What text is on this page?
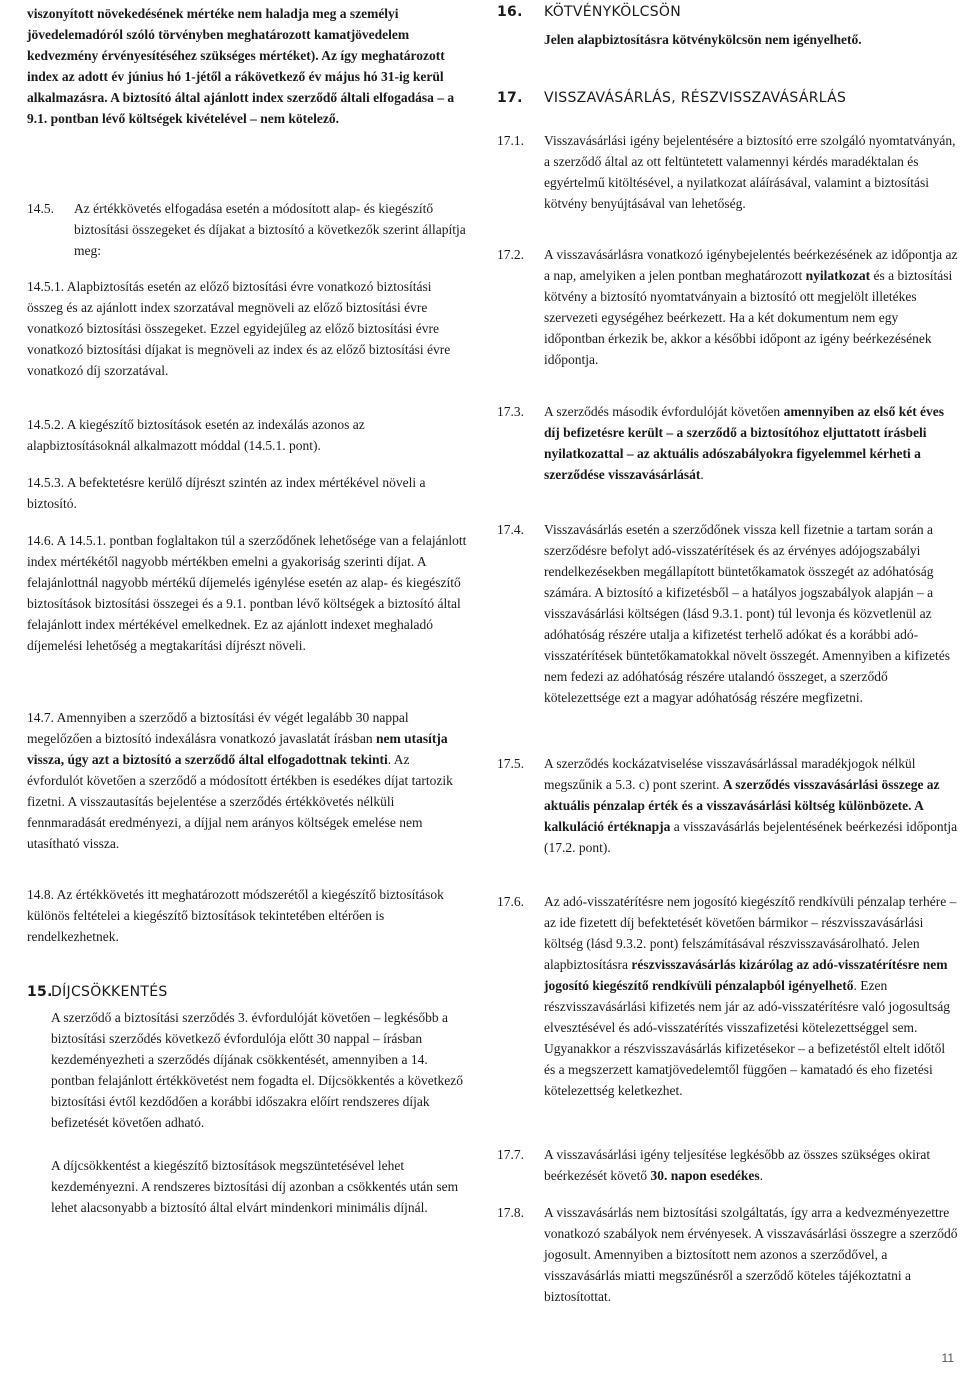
viszonyított növekedésének mértéke nem haladja meg a személyi jövedelemadóról szóló törvényben meghatározott kamatjövedelem kedvezmény érvényesítéséhez szükséges mértéket). Az így meghatározott index az adott év június hó 1-jétől a rákövetkező év május hó 31-ig kerül alkalmazásra. A biztosító által ajánlott index szerződő általi elfogadása – a 9.1. pontban lévő költségek kivételével – nem kötelező.

14.5. Az értékkövetés elfogadása esetén a módosított alap- és kiegészítő biztosítási összegeket és díjakat a biztosító a következők szerint állapítja meg:
14.5.1. Alapbiztosítás esetén az előző biztosítási évre vonatkozó biztosítási összeg és az ajánlott index szorzatával megnöveli az előző biztosítási évre vonatkozó biztosítási összegeket. Ezzel egyidejűleg az előző biztosítási évre vonatkozó biztosítási díjakat is megnöveli az index és az előző biztosítási évre vonatkozó díj szorzatával.
14.5.2. A kiegészítő biztosítások esetén az indexálás azonos az alapbiztosításoknál alkalmazott móddal (14.5.1. pont).
14.5.3. A befektetésre kerülő díjrészt szintén az index mértékével növeli a biztosító.
14.6. A 14.5.1. pontban foglaltakon túl a szerződőnek lehetősége van a felajánlott index mértékétől nagyobb mértékben emelni a gyakoriság szerinti díjat. A felajánlottnál nagyobb mértékű díjemelés igénylése esetén az alap- és kiegészítő biztosítások biztosítási összegei és a 9.1. pontban lévő költségek a biztosító által felajánlott index mértékével emelkednek. Ez az ajánlott indexet meghaladó díjemelési lehetőség a megtakarítási díjrészt növeli.
14.7. Amennyiben a szerződő a biztosítási év végét legalább 30 nappal megelőzően a biztosító indexálásra vonatkozó javaslatát írásban nem utasítja vissza, úgy azt a biztosító a szerződő által elfogadottnak tekinti. Az évfordulót követően a szerződő a módosított értékben is esedékes díjat tartozik fizetni. A visszautasítás bejelentése a szerződés értékkövetés nélküli fennmaradását eredményezi, a díjjal nem arányos költségek emelése nem utasítható vissza.
14.8. Az értékkövetés itt meghatározott módszerétől a kiegészítő biztosítások különös feltételei a kiegészítő biztosítások tekintetében eltérően is rendelkezhetnek.
15.
DÍJCSÖKKENTÉS

A szerződő a biztosítási szerződés 3. évfordulóját követően – legkésőbb a biztosítási szerződés következő évfordulója előtt 30 nappal – írásban kezdeményezheti a szerződés díjának csökkentését, amennyiben a 14. pontban felajánlott értékkövetést nem fogadta el. Díjcsökkentés a következő biztosítási évtől kezdődően a korábbi időszakra előírt rendszeres díjak befizetését követően adható.

A díjcsökkentést a kiegészítő biztosítások megszüntetésével lehet kezdeményezni. A rendszeres biztosítási díj azonban a csökkentés után sem lehet alacsonyabb a biztosító által elvárt mindenkori minimális díjnál.

16. KÖTVÉNYKÖLCSÖN

Jelen alapbiztosításra kötvénykölcsön nem igényelhető.

17. VISSZAVÁSÁRLÁS, RÉSZVISSZAVÁSÁRLÁS
17.1. Visszavásárlási igény bejelentésére a biztosító erre szolgáló nyomtatványán, a szerződő által az ott feltüntetett valamennyi kérdés maradéktalan és egyértelmű kitöltésével, a nyilatkozat aláírásával, valamint a biztosítási kötvény benyújtásával van lehetőség.
17.2. A visszavásárlásra vonatkozó igénybejelentés beérkezésének az időpontja az a nap, amelyiken a jelen pontban meghatározott nyilatkozat és a biztosítási kötvény a biztosító nyomtatványain a biztosító ott megjelölt illetékes szervezeti egységéhez beérkezett. Ha a két dokumentum nem egy időpontban érkezik be, akkor a későbbi időpont az igény beérkezésének időpontja.
17.3. A szerződés második évfordulóját követően amennyiben az első két éves díj befizetésre került – a szerződő a biztosítóhoz eljuttatott írásbeli nyilatkozattal – az aktuális adószabályokra figyelemmel kérheti a szerződése visszavásárlását.
17.4. Visszavásárlás esetén a szerződőnek vissza kell fizetnie a tartam során a szerződésre befolyt adó-visszatérítések és az érvényes adójogszabályi rendelkezésekben megállapított büntetőkamatok összegét az adóhatóság számára. A biztosító a kifizetésből – a hatályos jogszabályok alapján – a visszavásárlási költségen (lásd 9.3.1. pont) túl levonja és közvetlenül az adóhatóság részére utalja a kifizetést terhelő adókat és a korábbi adó-visszatérítések büntetőkamatokkal növelt összegét. Amennyiben a kifizetés nem fedezi az adóhatóság részére utalandó összeget, a szerződő kötelezettsége ezt a magyar adóhatóság részére megfizetni.
17.5. A szerződés kockázatviselése visszavásárlással maradékjogok nélkül megszűnik a 5.3. c) pont szerint. A szerződés visszavásárlási összege az aktuális pénzalap érték és a visszavásárlási költség különbözete. A kalkuláció értéknapja a visszavásárlás bejelentésének beérkezési időpontja (17.2. pont).
17.6. Az adó-visszatérítésre nem jogosító kiegészítő rendkívüli pénzalap terhére – az ide fizetett díj befektetését követően bármikor – részvisszavásárlási költség (lásd 9.3.2. pont) felszámításával részvisszavásárolható. Jelen alapbiztosításra részvisszavásárlás kizárólag az adó-visszatérítésre nem jogosító kiegészítő rendkívüli pénzalapból igényelhető. Ezen részvisszavásárlási kifizetés nem jár az adó-visszatérítésre való jogosultság elvesztésével és adó-visszatérítés visszafizetési kötelezettséggel sem. Ugyanakkor a részvisszavásárlás kifizetésekor – a befizetéstől eltelt időtől és a megszerzett kamatjövedelemtől függően – kamatadó és eho fizetési kötelezettség keletkezhet.
17.7. A visszavásárlási igény teljesítése legkésőbb az összes szükséges okirat beérkezését követő 30. napon esedékes.
17.8. A visszavásárlás nem biztosítási szolgáltatás, így arra a kedvezményezettre vonatkozó szabályok nem érvényesek. A visszavásárlási összegre a szerződő jogosult. Amennyiben a biztosított nem azonos a szerződővel, a visszavásárlás miatti megszűnésről a szerződő köteles tájékoztatni a biztosítottat.
11
